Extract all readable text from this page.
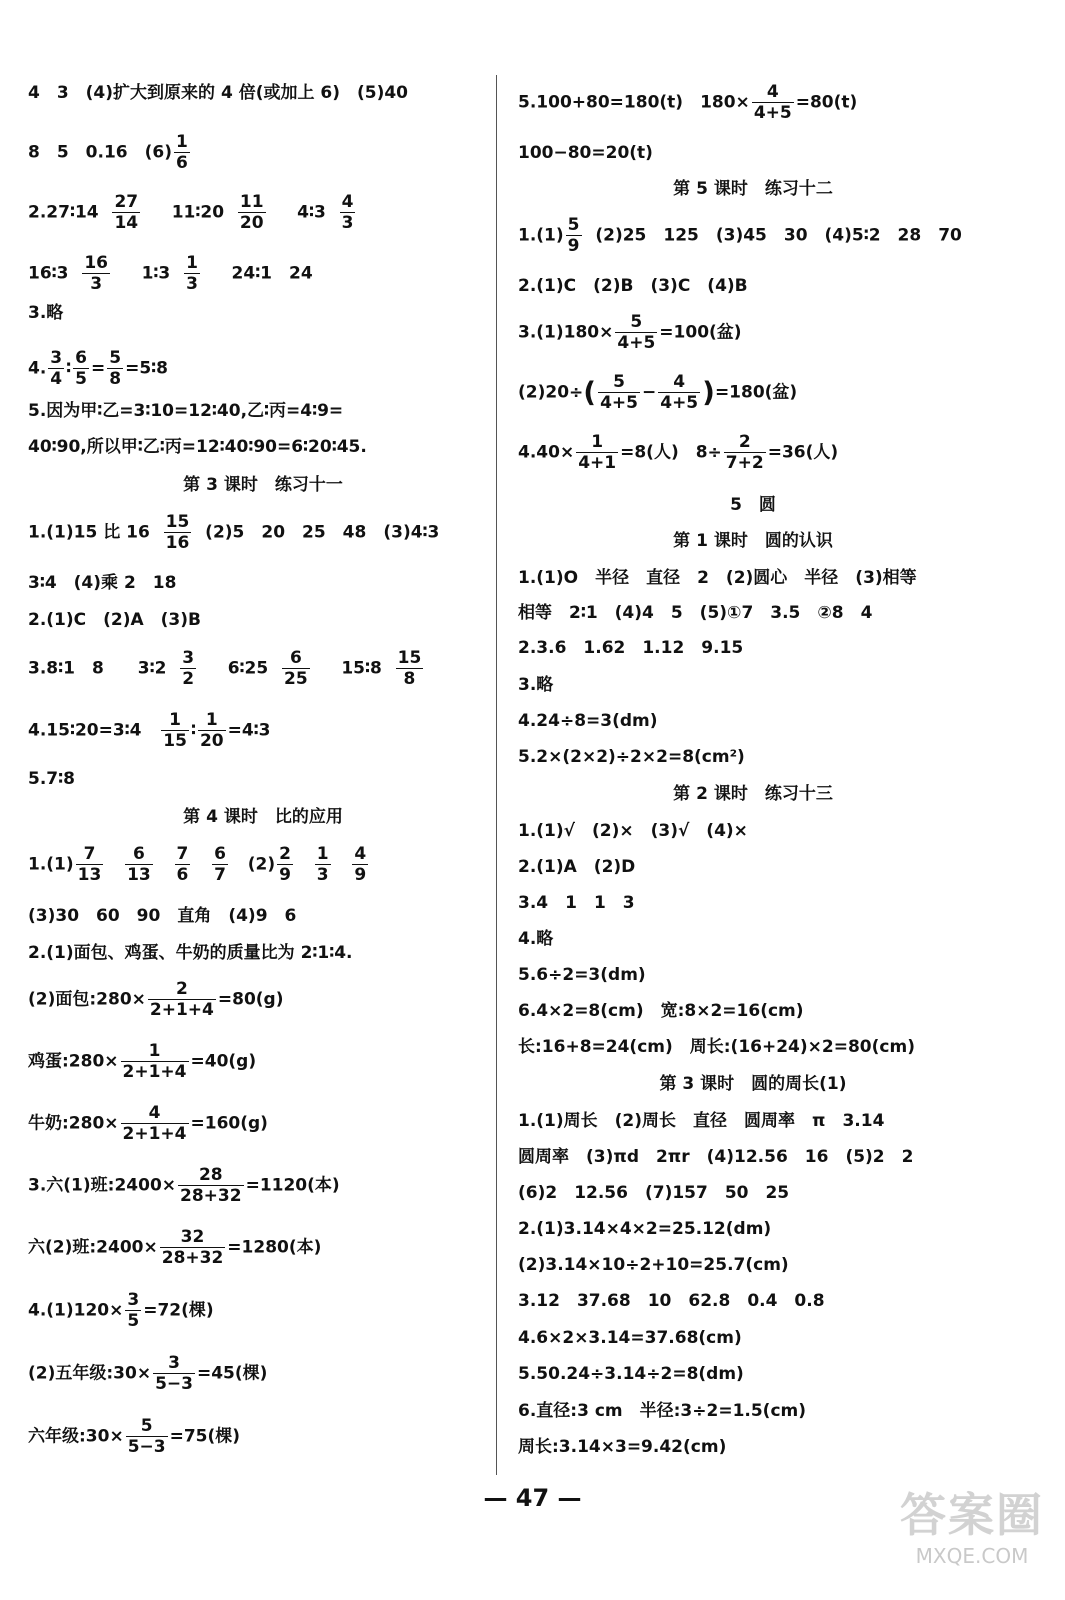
4　3　(4)扩大到原来的 4 倍(或加上 6)　(5)40
8　5　0.16　$(6) \frac{1}{6}$
2.27∶14 $\frac{27}{14}$ 11∶20 $\frac{11}{20}$ 4∶3 $\frac{4}{3}$
16∶3 $\frac{16}{3}$ 1∶3 $\frac{1}{3}$ 24∶1　24
3.略
4. $\frac{3}{4}$ ∶ $\frac{6}{5} = \frac{5}{8}$ =5∶8
5.因为甲∶乙=3∶10=12∶40,乙∶丙=4∶9=
40∶90,所以甲∶乙∶丙=12∶40∶90=6∶20∶45.
第 3 课时　练习十一
1.(1)15 比 $16 \frac{15}{16} (2)5$　20　25　48　(3)4∶3
3∶4　(4)乘 2　18
2.(1)C　(2)A　(3)B
3.8∶1　8　　3∶2 $\frac{3}{2}$ 6∶25 $\frac{6}{25}$ 15∶8 $\frac{15}{8}$
4.15∶20=3∶4 $\frac{1}{15}$ ∶ $\frac{1}{20}$ =4∶3
5.7∶8
第 4 课时　比的应用
$1.(1) \frac{7}{13}$
$\frac{6}{13}$
$\frac{7}{6}$
$\frac{6}{7} (2) \frac{2}{9}$
$\frac{1}{3}$
$\frac{4}{9}$
(3)30　60　90　直角　(4)9　6
2.(1)面包、鸡蛋、牛奶的质量比为 2∶1∶4.
(2)面包:280× $\frac{2}{2+1+4} =80(g)$
鸡蛋:280× $\frac{1}{2+1+4} =40(g)$
牛奶:280× $\frac{4}{2+1+4} =160(g)$
3.六(1)班:2400× $\frac{28}{28+32} =1120$(本)
六(2)班:2400× $\frac{32}{28+32} =1280$(本)
$4.(1)120\times \frac{3}{5} =72$(棵)
(2)五年级:30× $\frac{3}{5-3} =45$(棵)
六年级:30× $\frac{5}{5-3} =75$(棵)
5.100+80=180(t)　$180\times \frac{4}{4+5} =80(t)$
100−80=20(t)
第 5 课时　练习十二
$1.(1) \frac{5}{9} (2)25$　125　(3)45　30　(4)5∶2　28　70
2.(1)C　(2)B　(3)C　(4)B
$3.(1)180\times \frac{5}{4+5} =100$(盆)
$(2)20\div( \frac{5}{4+5} - \frac{4}{4+5} )=180$(盆)
$4.40\times \frac{1}{4+1} =8$(人)　$8\div \frac{2}{7+2} =36$(人)
5　圆
第 1 课时　圆的认识
1.(1)O　半径　直径　2　(2)圆心　半径　(3)相等
相等　2∶1　(4)4　5　(5)①7　3.5　②8　4
2.3.6　1.62　1.12　9.15
3.略
4.24÷8=3(dm)
5.2×(2×2)÷2×2=8(cm²)
第 2 课时　练习十三
1.(1)√　(2)×　(3)√　(4)×
2.(1)A　(2)D
3.4　1　1　3
4.略
5.6÷2=3(dm)
6.4×2=8(cm)　宽:8×2=16(cm)
长:16+8=24(cm)　周长:(16+24)×2=80(cm)
第 3 课时　圆的周长(1)
1.(1)周长　(2)周长　直径　圆周率　π　3.14
圆周率　(3)πd　2πr　(4)12.56　16　(5)2　2
(6)2　12.56　(7)157　50　25
2.(1)3.14×4×2=25.12(dm)
(2)3.14×10÷2+10=25.7(cm)
3.12　37.68　10　62.8　0.4　0.8
4.6×2×3.14=37.68(cm)
5.50.24÷3.14÷2=8(dm)
6.直径:3 cm　半径:3÷2=1.5(cm)
周长:3.14×3=9.42(cm)
— 47 —	答案圈
MXQE.COM
